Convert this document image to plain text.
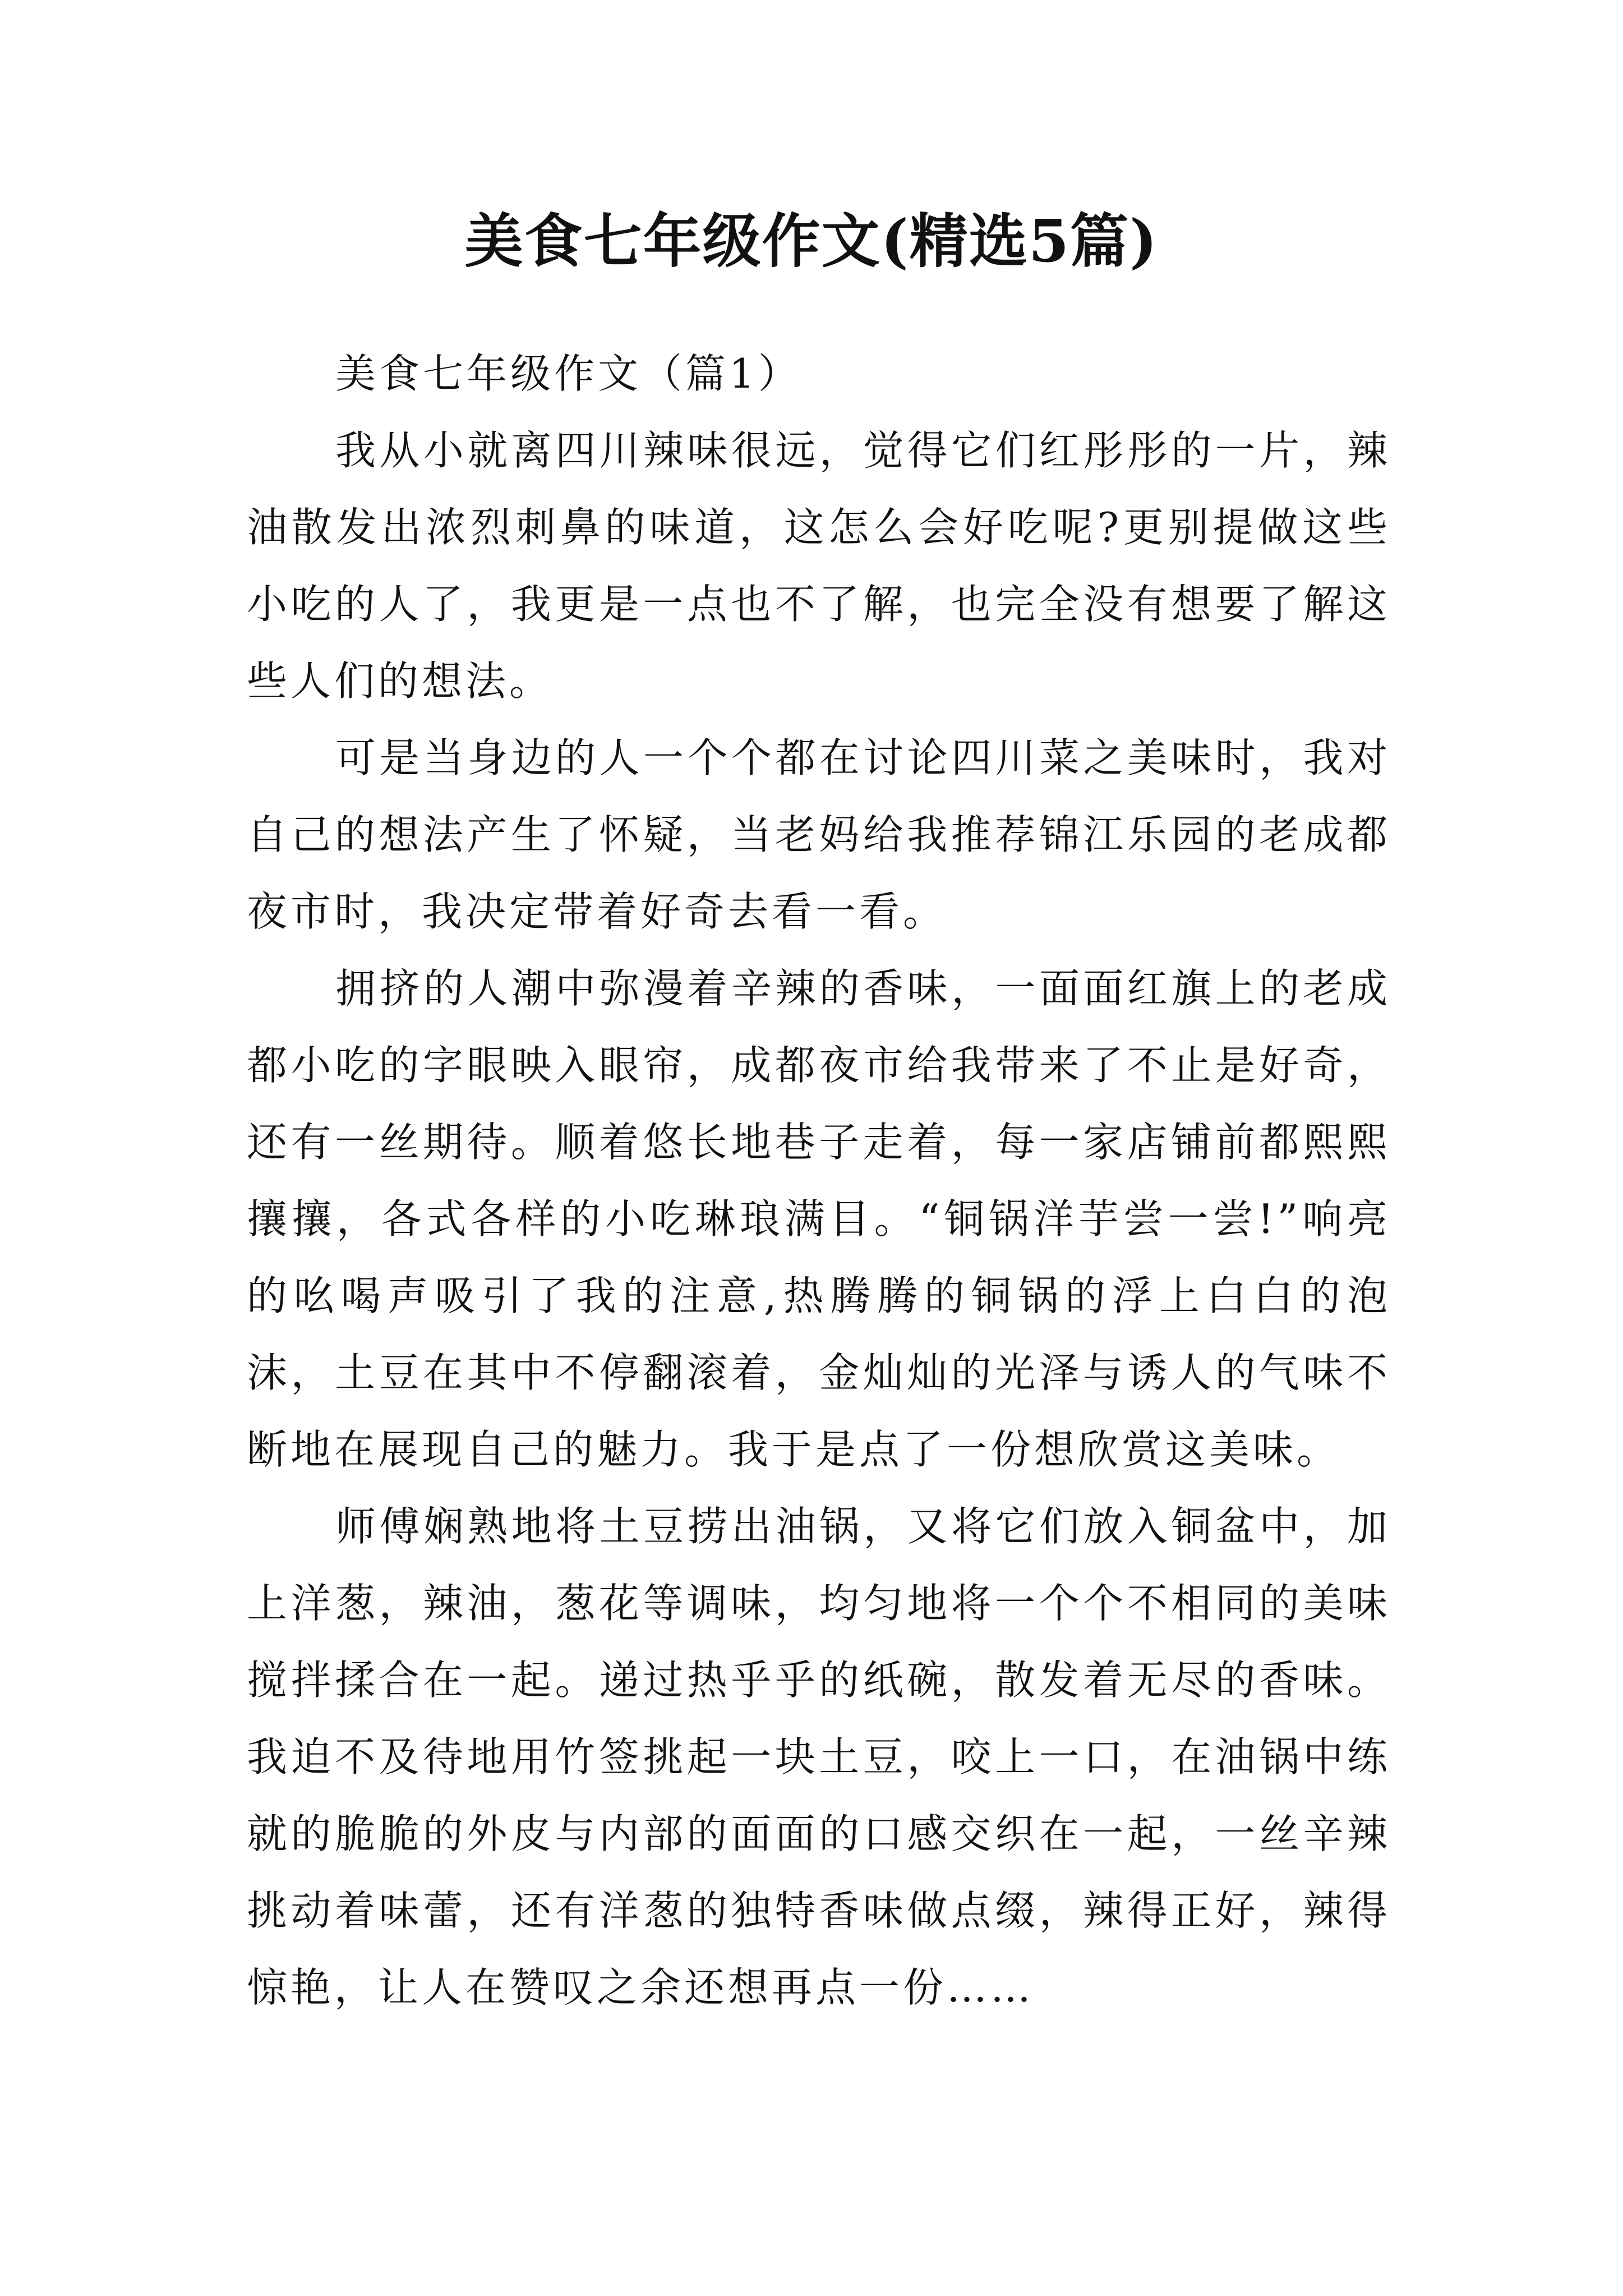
美食七年级作文(精选5篇)

美食七年级作文（篇1）

我从小就离四川辣味很远，觉得它们红彤彤的一片，辣油散发出浓烈刺鼻的味道，这怎么会好吃呢?更别提做这些小吃的人了，我更是一点也不了解，也完全没有想要了解这些人们的想法。

可是当身边的人一个个都在讨论四川菜之美味时，我对自己的想法产生了怀疑，当老妈给我推荐锦江乐园的老成都夜市时，我决定带着好奇去看一看。

拥挤的人潮中弥漫着辛辣的香味，一面面红旗上的老成都小吃的字眼映入眼帘，成都夜市给我带来了不止是好奇，还有一丝期待。顺着悠长地巷子走着，每一家店铺前都熙熙攘攘，各式各样的小吃琳琅满目。“铜锅洋芋尝一尝!”响亮的吆喝声吸引了我的注意,热腾腾的铜锅的浮上白白的泡沫，土豆在其中不停翻滚着，金灿灿的光泽与诱人的气味不断地在展现自己的魅力。我于是点了一份想欣赏这美味。

师傅娴熟地将土豆捞出油锅，又将它们放入铜盆中，加上洋葱，辣油，葱花等调味，均匀地将一个个不相同的美味搅拌揉合在一起。递过热乎乎的纸碗，散发着无尽的香味。我迫不及待地用竹签挑起一块土豆，咬上一口，在油锅中练就的脆脆的外皮与内部的面面的口感交织在一起，一丝辛辣挑动着味蕾，还有洋葱的独特香味做点缀，辣得正好，辣得惊艳，让人在赞叹之余还想再点一份……
